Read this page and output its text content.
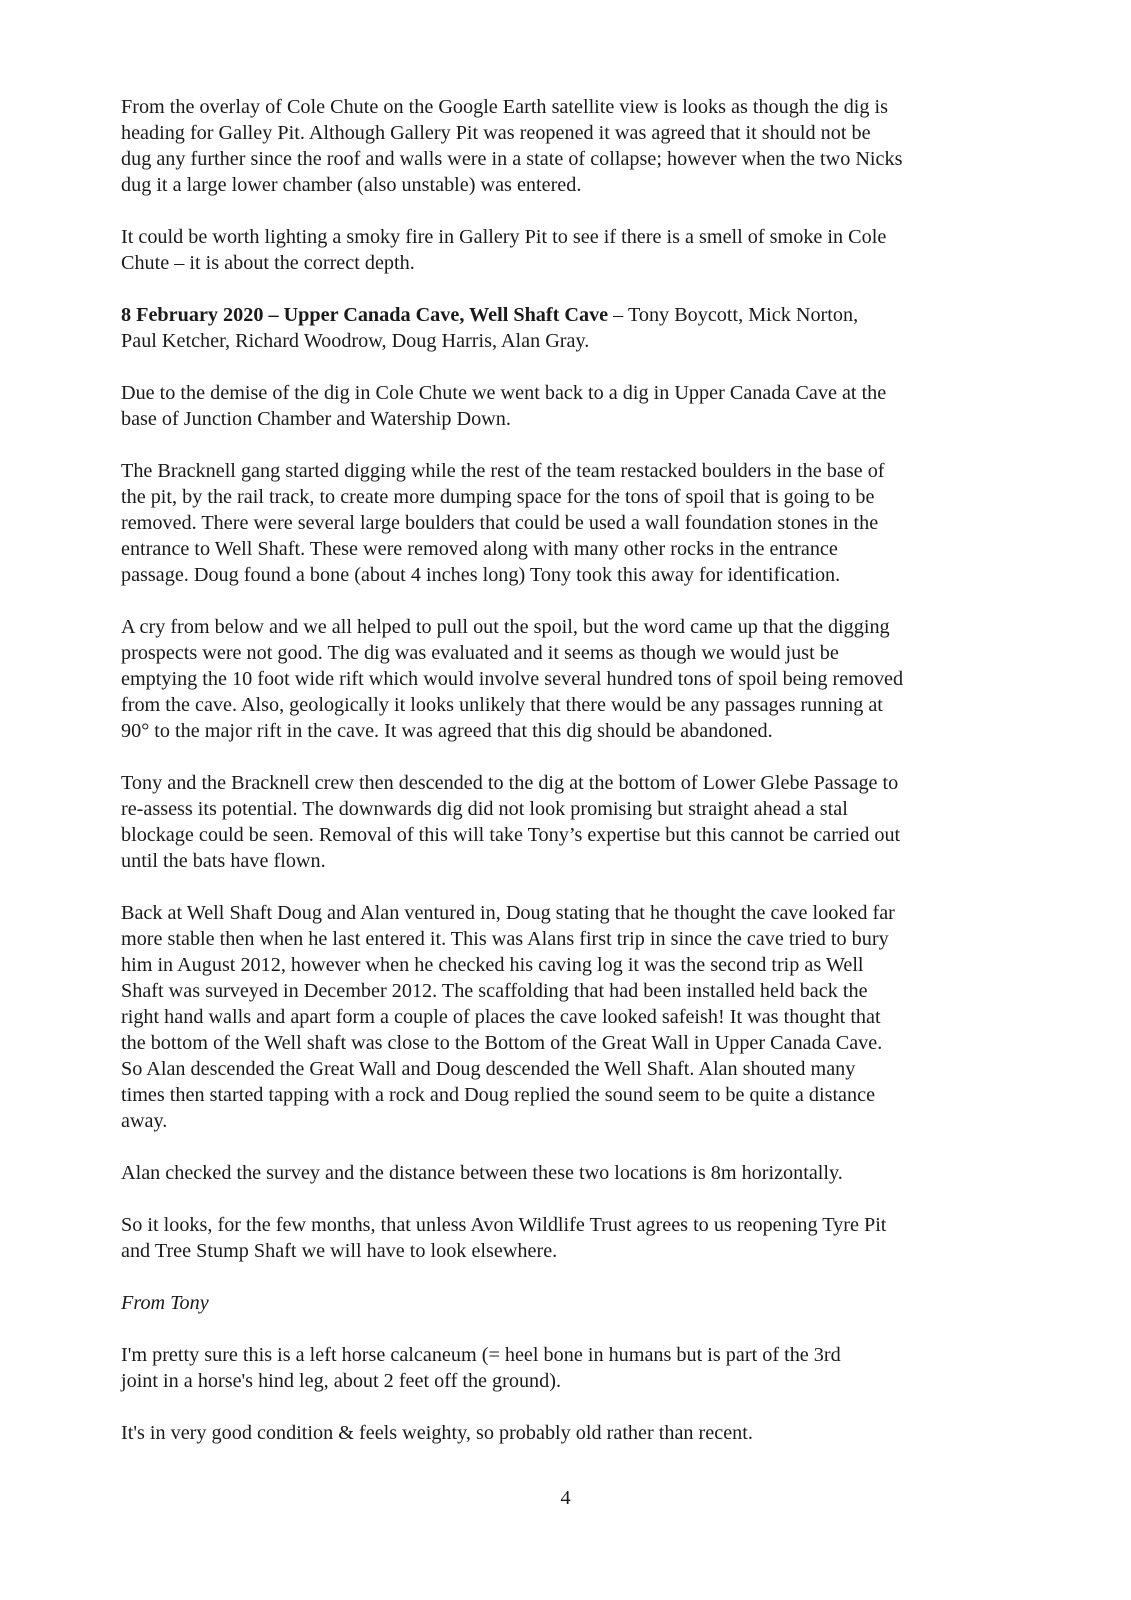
From the overlay of Cole Chute on the Google Earth satellite view is looks as though the dig is
heading for Galley Pit. Although Gallery Pit was reopened it was agreed that it should not be
dug any further since the roof and walls were in a state of collapse; however when the two Nicks
dug it a large lower chamber (also unstable) was entered.

It could be worth lighting a smoky fire in Gallery Pit to see if there is a smell of smoke in Cole
Chute – it is about the correct depth.

8 February 2020 – Upper Canada Cave, Well Shaft Cave – Tony Boycott, Mick Norton,
Paul Ketcher, Richard Woodrow, Doug Harris, Alan Gray.

Due to the demise of the dig in Cole Chute we went back to a dig in Upper Canada Cave at the
base of Junction Chamber and Watership Down.

The Bracknell gang started digging while the rest of the team restacked boulders in the base of
the pit, by the rail track, to create more dumping space for the tons of spoil that is going to be
removed. There were several large boulders that could be used a wall foundation stones in the
entrance to Well Shaft. These were removed along with many other rocks in the entrance
passage. Doug found a bone (about 4 inches long) Tony took this away for identification.

A cry from below and we all helped to pull out the spoil, but the word came up that the digging
prospects were not good. The dig was evaluated and it seems as though we would just be
emptying the 10 foot wide rift which would involve several hundred tons of spoil being removed
from the cave. Also, geologically it looks unlikely that there would be any passages running at
90° to the major rift in the cave. It was agreed that this dig should be abandoned.

Tony and the Bracknell crew then descended to the dig at the bottom of Lower Glebe Passage to
re-assess its potential. The downwards dig did not look promising but straight ahead a stal
blockage could be seen. Removal of this will take Tony’s expertise but this cannot be carried out
until the bats have flown.

Back at Well Shaft Doug and Alan ventured in, Doug stating that he thought the cave looked far
more stable then when he last entered it. This was Alans first trip in since the cave tried to bury
him in August 2012, however when he checked his caving log it was the second trip as Well
Shaft was surveyed in December 2012. The scaffolding that had been installed held back the
right hand walls and apart form a couple of places the cave looked safeish! It was thought that
the bottom of the Well shaft was close to the Bottom of the Great Wall in Upper Canada Cave.
So Alan descended the Great Wall and Doug descended the Well Shaft. Alan shouted many
times then started tapping with a rock and Doug replied the sound seem to be quite a distance
away.

Alan checked the survey and the distance between these two locations is 8m horizontally.

So it looks, for the few months, that unless Avon Wildlife Trust agrees to us reopening Tyre Pit
and Tree Stump Shaft we will have to look elsewhere.

From Tony

I'm pretty sure this is a left horse calcaneum (= heel bone in humans but is part of the 3rd
joint in a horse's hind leg, about 2 feet off the ground).

It's in very good condition & feels weighty, so probably old rather than recent.

4
